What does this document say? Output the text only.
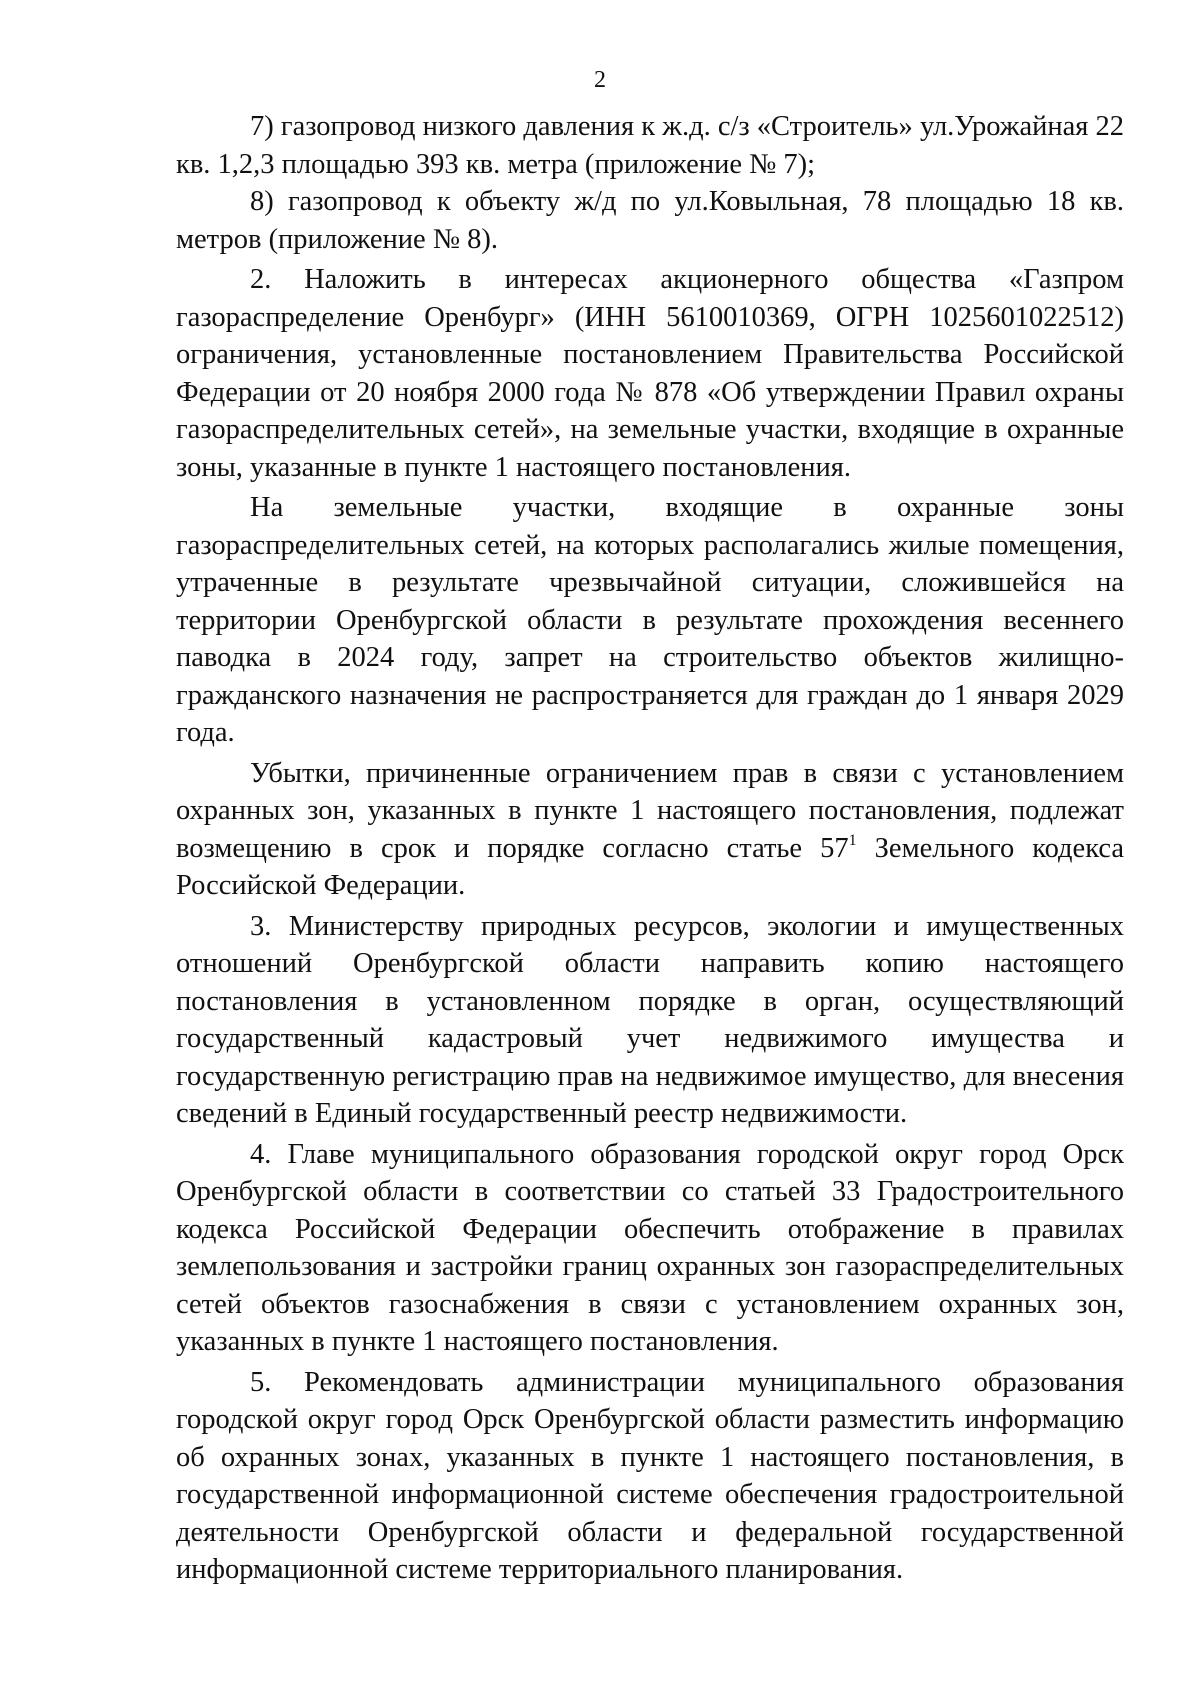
2

7) газопровод низкого давления к ж.д. с/з «Строитель» ул.Урожайная 22 кв. 1,2,3 площадью 393 кв. метра (приложение № 7);

8) газопровод к объекту ж/д по ул.Ковыльная, 78 площадью 18 кв. метров (приложение № 8).

2. Наложить в интересах акционерного общества «Газпром газораспределение Оренбург» (ИНН 5610010369, ОГРН 1025601022512) ограничения, установленные постановлением Правительства Российской Федерации от 20 ноября 2000 года № 878 «Об утверждении Правил охраны газораспределительных сетей», на земельные участки, входящие в охранные зоны, указанные в пункте 1 настоящего постановления.

На земельные участки, входящие в охранные зоны газораспределительных сетей, на которых располагались жилые помещения, утраченные в результате чрезвычайной ситуации, сложившейся на территории Оренбургской области в результате прохождения весеннего паводка в 2024 году, запрет на строительство объектов жилищно-гражданского назначения не распространяется для граждан до 1 января 2029 года.

Убытки, причиненные ограничением прав в связи с установлением охранных зон, указанных в пункте 1 настоящего постановления, подлежат возмещению в срок и порядке согласно статье $57^1$ Земельного кодекса Российской Федерации.

3. Министерству природных ресурсов, экологии и имущественных отношений Оренбургской области направить копию настоящего постановления в установленном порядке в орган, осуществляющий государственный кадастровый учет недвижимого имущества и государственную регистрацию прав на недвижимое имущество, для внесения сведений в Единый государственный реестр недвижимости.

4. Главе муниципального образования городской округ город Орск Оренбургской области в соответствии со статьей 33 Градостроительного кодекса Российской Федерации обеспечить отображение в правилах землепользования и застройки границ охранных зон газораспределительных сетей объектов газоснабжения в связи с установлением охранных зон, указанных в пункте 1 настоящего постановления.

5. Рекомендовать администрации муниципального образования городской округ город Орск Оренбургской области разместить информацию об охранных зонах, указанных в пункте 1 настоящего постановления, в государственной информационной системе обеспечения градостроительной деятельности Оренбургской области и федеральной государственной информационной системе территориального планирования.
